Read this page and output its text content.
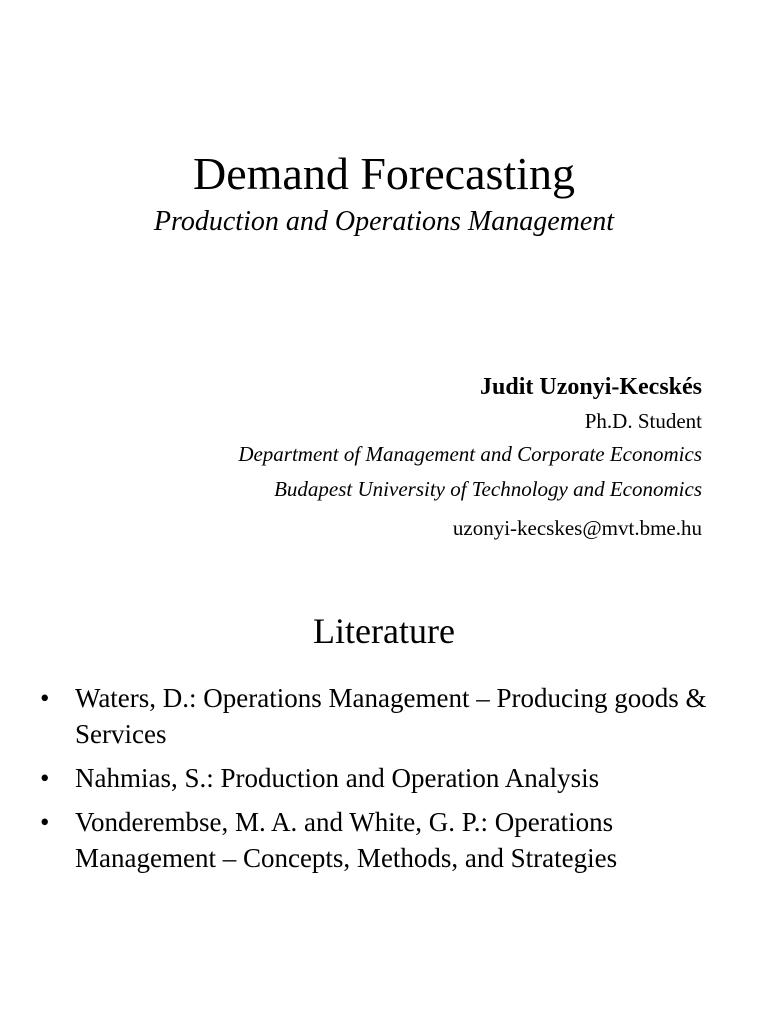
Demand Forecasting
Production and Operations Management
Judit Uzonyi-Kecskés
Ph.D. Student
Department of Management and Corporate Economics
Budapest University of Technology and Economics
uzonyi-kecskes@mvt.bme.hu
Literature
• Waters, D.: Operations Management – Producing goods & Services
• Nahmias, S.: Production and Operation Analysis
• Vonderembse, M. A. and White, G. P.: Operations Management – Concepts, Methods, and Strategies
